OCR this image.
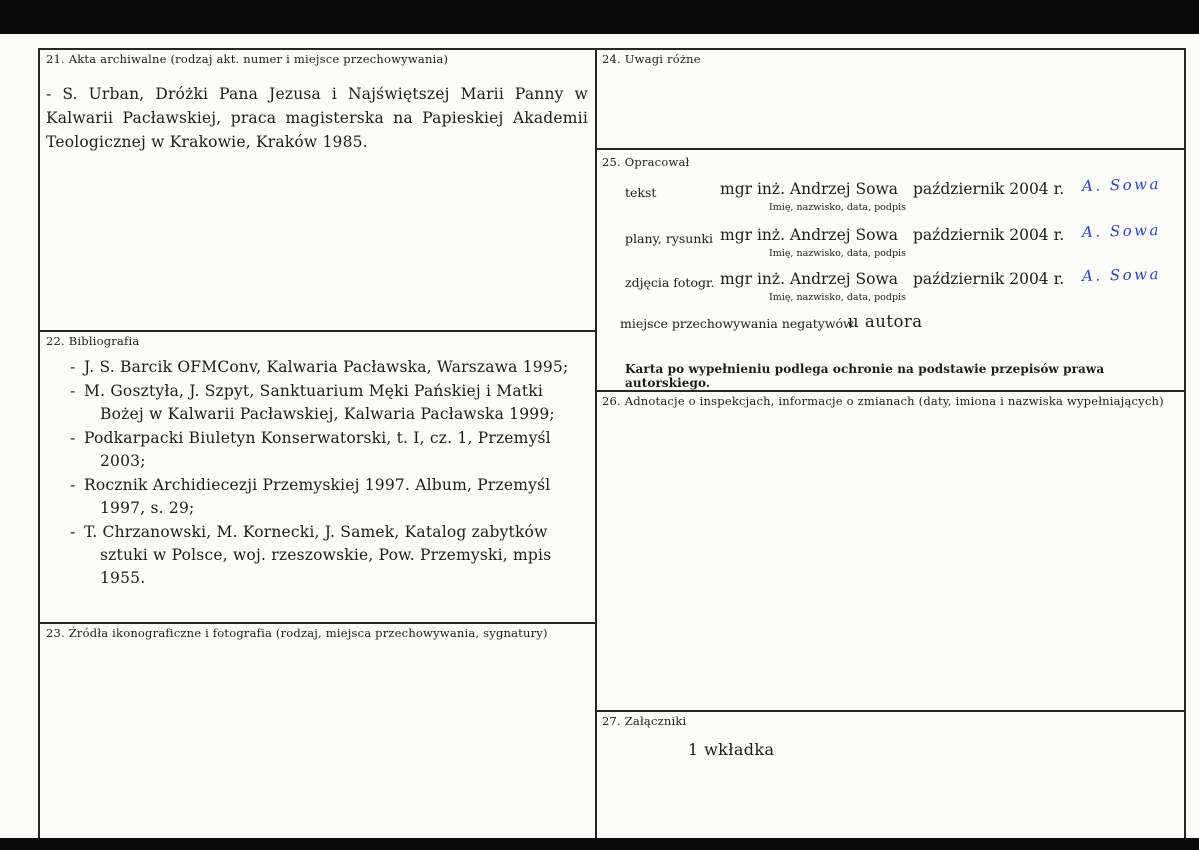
21. Akta archiwalne (rodzaj akt. numer i miejsce przechowywania)
- S. Urban, Dróżki Pana Jezusa i Najświętszej Marii Panny w Kalwarii Pacławskiej, praca magisterska na Papieskiej Akademii Teologicznej w Krakowie, Kraków 1985.
22. Bibliografia
- J. S. Barcik OFMConv, Kalwaria Pacławska, Warszawa 1995;
- M. Gosztyła, J. Szpyt, Sanktuarium Męki Pańskiej i Matki Bożej w Kalwarii Pacławskiej, Kalwaria Pacławska 1999;
- Podkarpacki Biuletyn Konserwatorski, t. I, cz. 1, Przemyśl 2003;
- Rocznik Archidiecezji Przemyskiej 1997. Album, Przemyśl 1997, s. 29;
- T. Chrzanowski, M. Kornecki, J. Samek, Katalog zabytków sztuki w Polsce, woj. rzeszowskie, Pow. Przemyski, mpis 1955.
23. Źródła ikonograficzne i fotografia (rodzaj, miejsca przechowywania, sygnatury)
24. Uwagi różne
25. Opracował
tekst	mgr inż. Andrzej Sowa październik 2004 r. A. Sowa
Imię, nazwisko, data, podpis
plany, rysunki mgr inż. Andrzej Sowa październik 2004 r. A. Sowa
Imię, nazwisko, data, podpis
zdjęcia fotogr. mgr inż. Andrzej Sowa październik 2004 r. A. Sowa
Imię, nazwisko, data, podpis
miejsce przechowywania negatywów
u autora
Karta po wypełnieniu podlega ochronie na podstawie przepisów prawa autorskiego.
26. Adnotacje o inspekcjach, informacje o zmianach (daty, imiona i nazwiska wypełniających)
27. Załączniki
1 wkładka
